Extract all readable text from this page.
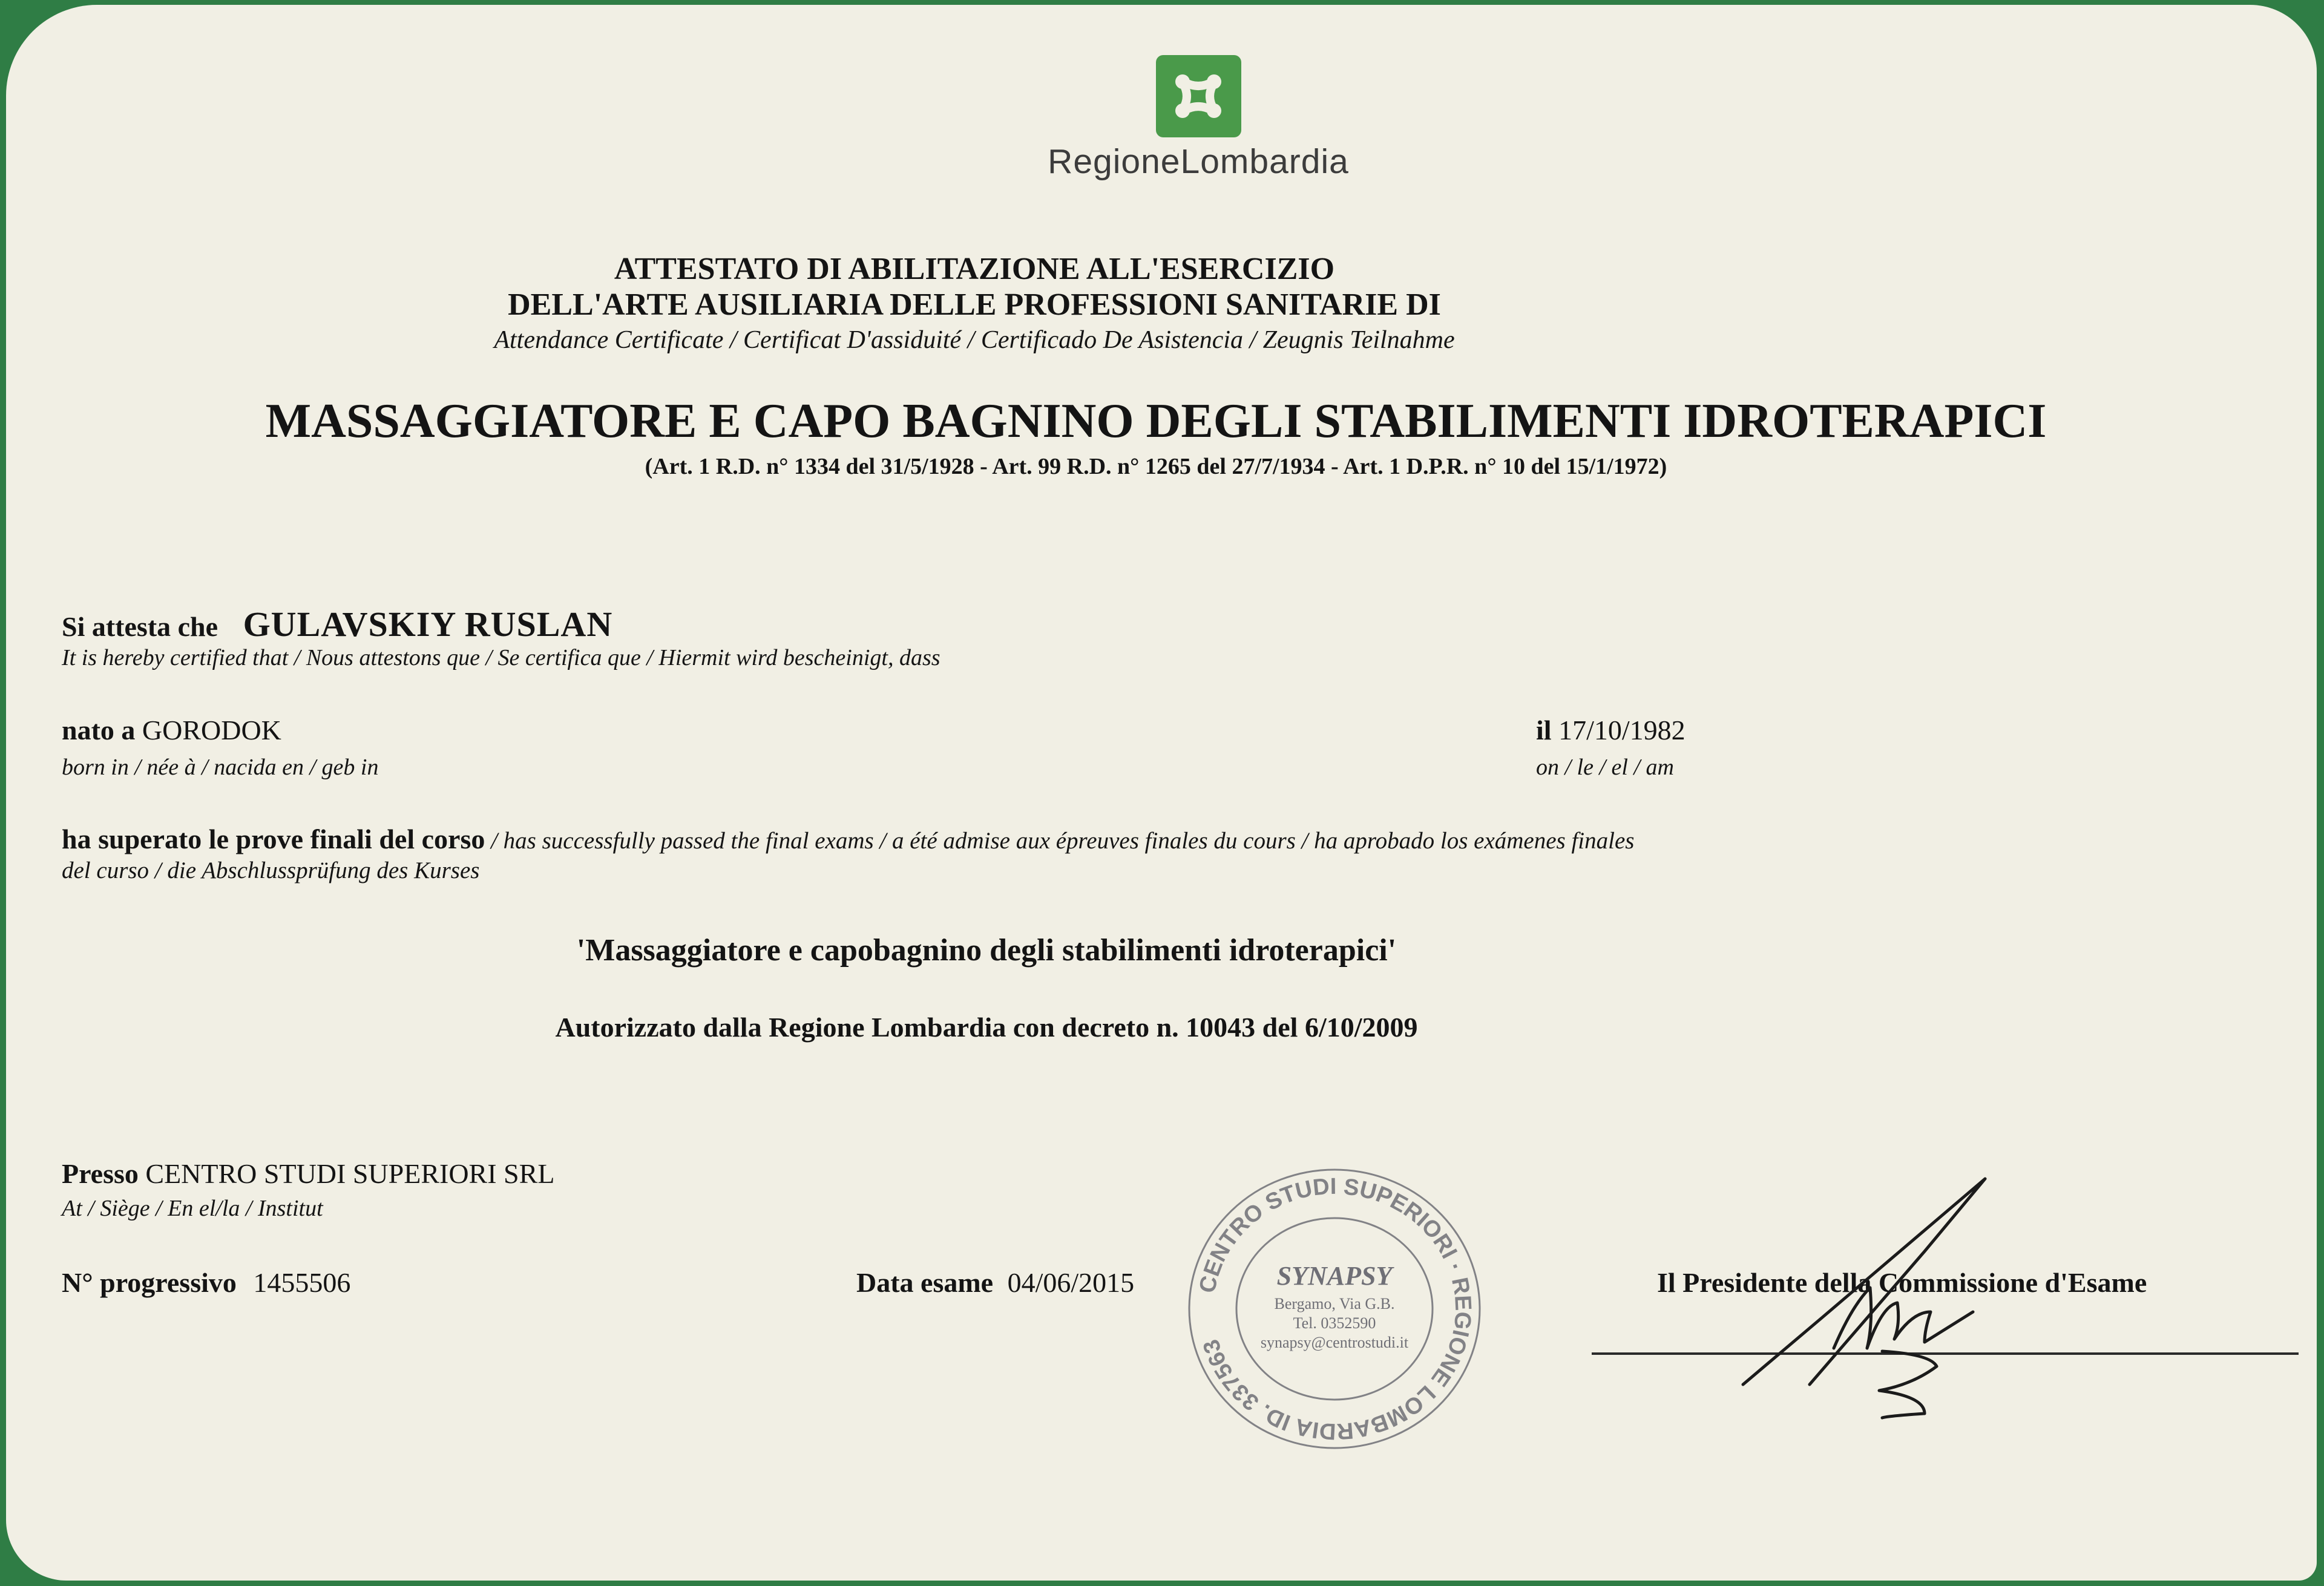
RegioneLombardia
ATTESTATO DI ABILITAZIONE ALL'ESERCIZIO
DELL'ARTE AUSILIARIA DELLE PROFESSIONI SANITARIE DI
Attendance Certificate / Certificat D'assiduité / Certificado De Asistencia / Zeugnis Teilnahme
MASSAGGIATORE E CAPO BAGNINO DEGLI STABILIMENTI IDROTERAPICI
(Art. 1 R.D. n° 1334 del 31/5/1928 - Art. 99 R.D. n° 1265 del 27/7/1934 - Art. 1 D.P.R. n° 10 del 15/1/1972)
Si attesta che GULAVSKIY RUSLAN
It is hereby certified that / Nous attestons que / Se certifica que / Hiermit wird bescheinigt, dass
nato a GORODOK
born in / née à / nacida en / geb in
il 17/10/1982
on / le / el / am
ha superato le prove finali del corso / has successfully passed the final exams / a été admise aux épreuves finales du cours / ha aprobado los exámenes finales
del curso / die Abschlussprüfung des Kurses
'Massaggiatore e capobagnino degli stabilimenti idroterapici'
Autorizzato dalla Regione Lombardia con decreto n. 10043 del 6/10/2009
Presso CENTRO STUDI SUPERIORI SRL
At / Siège / En el/la / Institut
N° progressivo 1455506	Data esame 04/06/2015	Il Presidente della Commissione d'Esame
CENTRO STUDI SUPERIORI · REGIONE LOMBARDIA ID. 337563
SYNAPSY
Bergamo, Via G.B.
Tel. 0352590
synapsy@centrostudi.it
